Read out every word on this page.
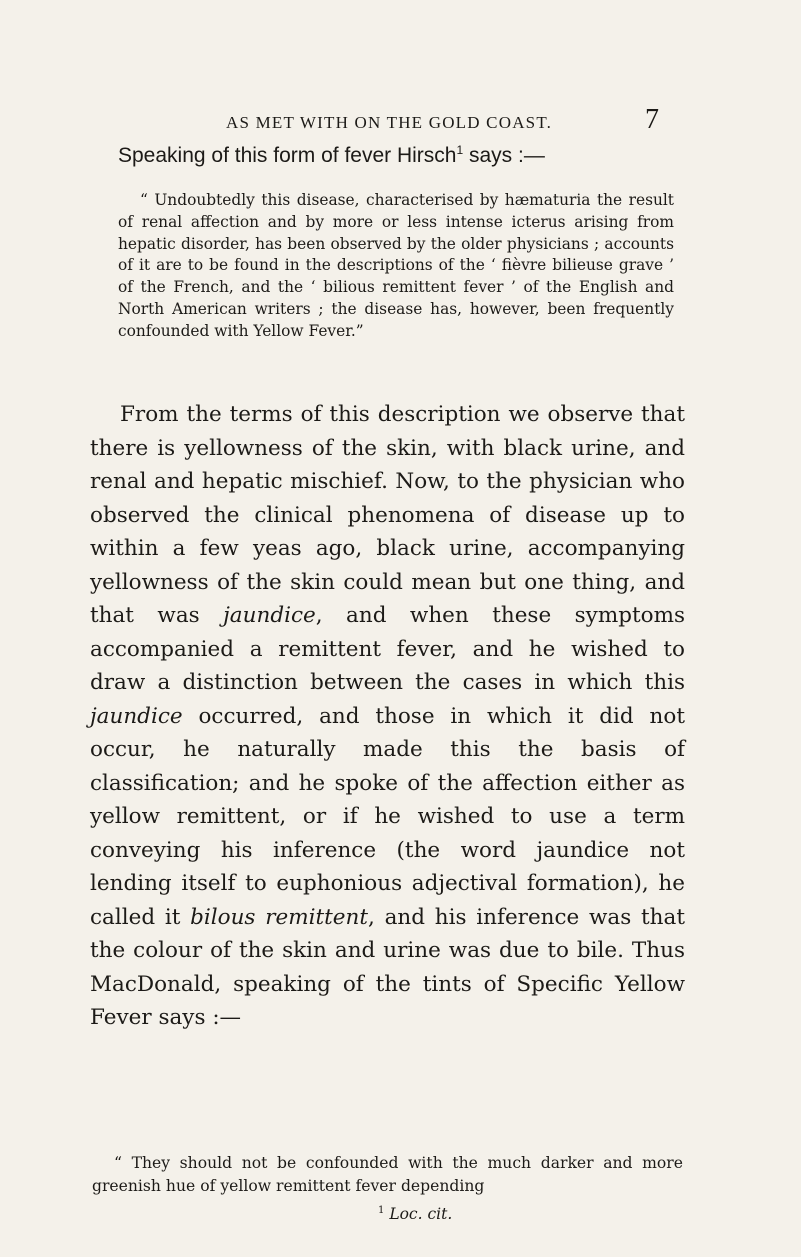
AS MET WITH ON THE GOLD COAST.	7
Speaking of this form of fever Hirsch$^1$ says :—

“ Undoubtedly this disease, characterised by hæmaturia the result of renal affection and by more or less intense icterus arising from hepatic disorder, has been observed by the older physicians ; accounts of it are to be found in the descriptions of the ‘ fièvre bilieuse grave ’ of the French, and the ‘ bilious remittent fever ’ of the English and North American writers ; the disease has, however, been frequently confounded with Yellow Fever.”

From the terms of this description we observe that there is yellowness of the skin, with black urine, and renal and hepatic mischief. Now, to the physician who observed the clinical phenomena of disease up to within a few yeas ago, black urine, accompanying yellowness of the skin could mean but one thing, and that was jaundice, and when these symptoms accompanied a remittent fever, and he wished to draw a distinction between the cases in which this jaundice occurred, and those in which it did not occur, he naturally made this the basis of classification; and he spoke of the affection either as yellow remittent, or if he wished to use a term conveying his inference (the word jaundice not lending itself to euphonious adjectival formation), he called it bilous remittent, and his inference was that the colour of the skin and urine was due to bile. Thus MacDonald, speaking of the tints of Specific Yellow Fever says :—

“ They should not be confounded with the much darker and more greenish hue of yellow remittent fever depending

$^1$ Loc. cit.
